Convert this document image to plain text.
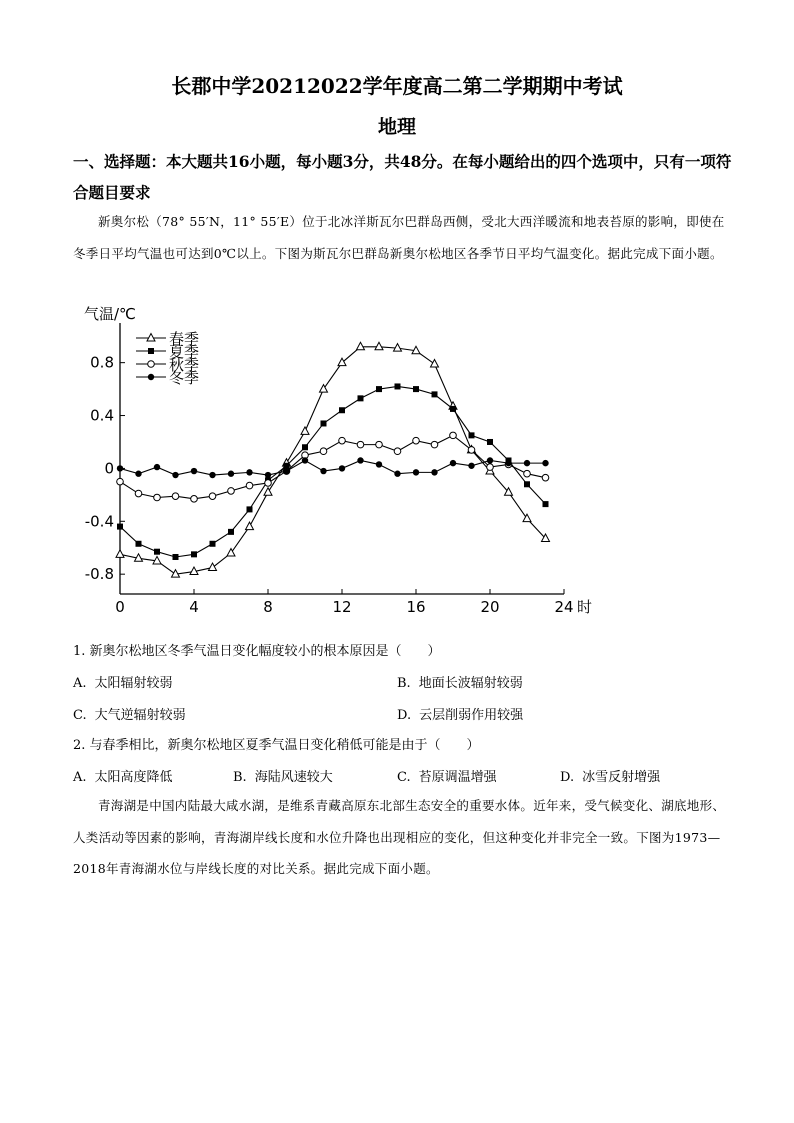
长郡中学20212022学年度高二第二学期期中考试
地理
一、选择题：本大题共16小题，每小题3分，共48分。在每小题给出的四个选项中，只有一项符合题目要求
新奥尔松（78° 55′N，11° 55′E）位于北冰洋斯瓦尔巴群岛西侧，受北大西洋暖流和地表苔原的影响，即使在冬季日平均气温也可达到0℃以上。下图为斯瓦尔巴群岛新奥尔松地区各季节日平均气温变化。据此完成下面小题。
0.8
0.4
0
-0.4
-0.8
0	4	8	12	16	20	24
气温/℃
时
春季
夏季
秋季
冬季
1. 新奥尔松地区冬季气温日变化幅度较小的根本原因是（　　）
A. 太阳辐射较弱	B. 地面长波辐射较弱
C. 大气逆辐射较弱	D. 云层削弱作用较强
2. 与春季相比，新奥尔松地区夏季气温日变化稍低可能是由于（　　）
A. 太阳高度降低	B. 海陆风速较大	C. 苔原调温增强	D. 冰雪反射增强
青海湖是中国内陆最大咸水湖，是维系青藏高原东北部生态安全的重要水体。近年来，受气候变化、湖底地形、人类活动等因素的影响，青海湖岸线长度和水位升降也出现相应的变化，但这种变化并非完全一致。下图为1973—2018年青海湖水位与岸线长度的对比关系。据此完成下面小题。
